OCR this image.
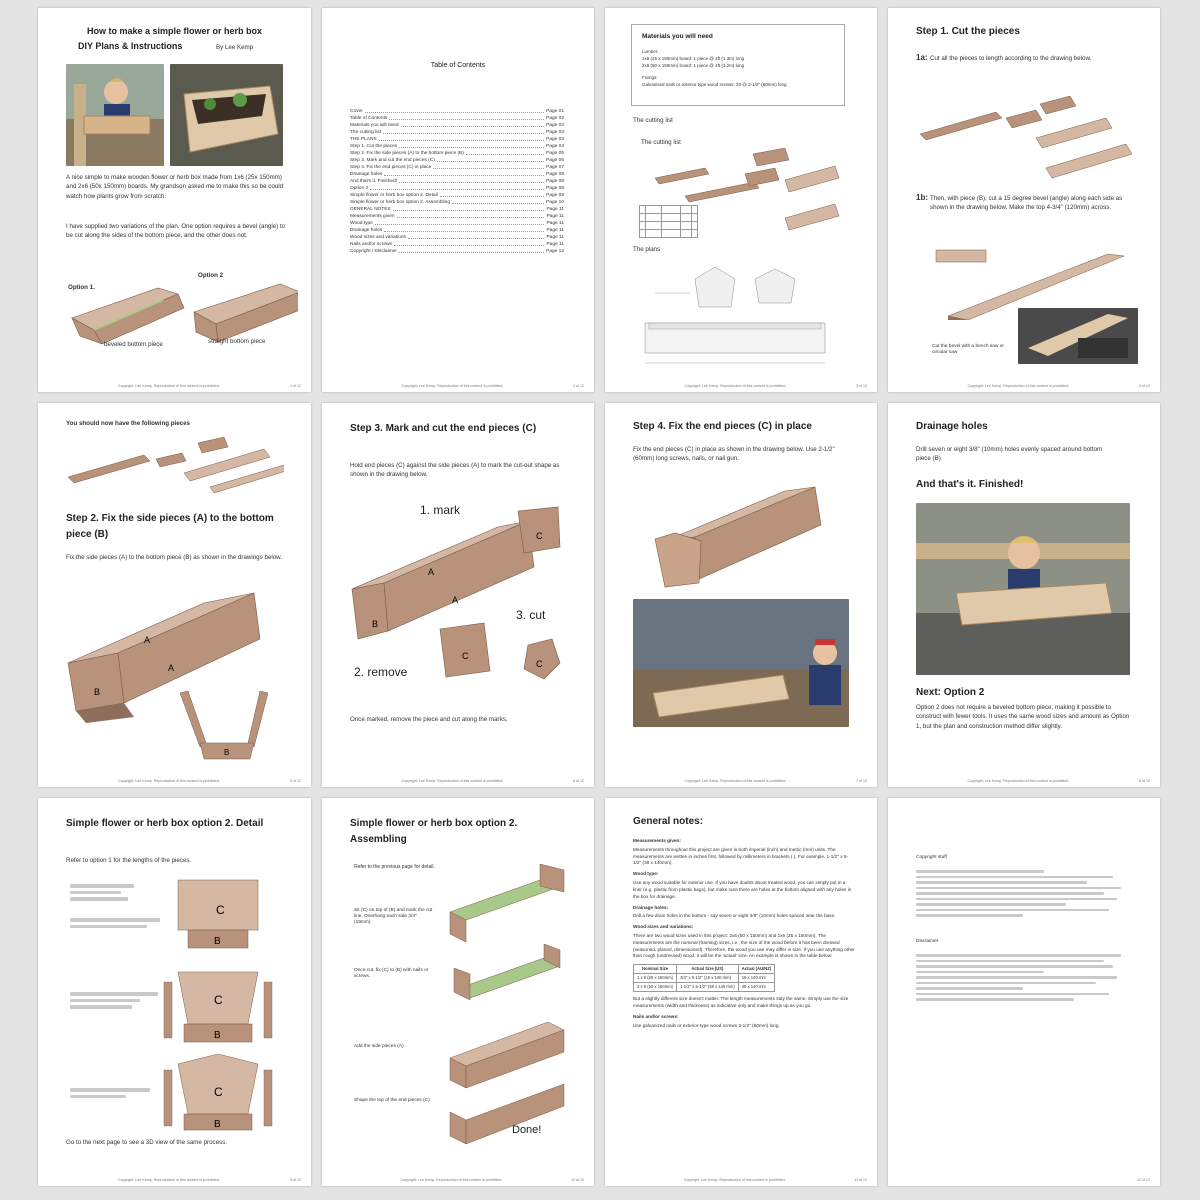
How to make a simple flower or herb box

DIY Plans & Instructions	By Lee Kemp

A nice simple to make wooden flower or herb box made from 1x6 (25x 150mm) and 2x6 (50x 150mm) boards. My grandson asked me to make this so be could watch how plants grow from scratch.

I have supplied two variations of the plan. One option requires a bevel (angle) to be cut along the sides of the bottom piece, and the other does not.

Option 1.
Option 2
beveled bottom piece	straight bottom piece
Copyright: Lee Kemp. Reproduction of this content is prohibited.	1 of 12

Table of Contents

Cover	Page 01
Table of Contents	Page 02
Materials you will need	Page 03
The cutting list	Page 03
THE PLANS	Page 03
Step 1. Cut the pieces	Page 04
Step 2. Fix the side pieces (A) to the bottom piece (B)	Page 05
Step 3. Mark and cut the end pieces (C)	Page 06
Step 4. Fix the end pieces (C) in place	Page 07
Drainage holes	Page 08
And that's it. Finished!	Page 08
Option 2	Page 08
Simple flower or herb box option 2. Detail	Page 09
Simple flower or herb box option 2. Assembling	Page 10
GENERAL NOTES	Page 11
Measurements given	Page 11
Wood type	Page 11
Drainage holes	Page 11
Wood sizes and variations	Page 11
Nails and/or screws	Page 11
Copyright / Disclaimer	Page 12
Copyright: Lee Kemp. Reproduction of this content is prohibited.	2 of 12

Materials you will need

Lumber:
1x6 (25 x 150mm) board: 1 piece @ 4ft (1.3m) long
2x6 (50 x 150mm) board: 1 piece @ 4ft (1.2m) long
Fixings:
Galvanised nails or exterior type wood screws: 20 @ 2-1/2" (60mm) long
The cutting list
The cutting list

The plans
Copyright: Lee Kemp. Reproduction of this content is prohibited.	3 of 12

Step 1. Cut the pieces

1a: Cut all the pieces to length according to the drawing below.

1b: Then, with piece (B), cut a 15 degree bevel (angle) along each side as shown in the drawing below. Make the top 4-3/4" (120mm) across.

Cut the bevel with a bench saw or circular saw

Copyright: Lee Kemp. Reproduction of this content is prohibited.	4 of 12

You should now have the following pieces

Step 2. Fix the side pieces (A) to the bottom piece (B)

Fix the side pieces (A) to the bottom piece (B) as shown in the drawings below.

A
A
B
B
Copyright: Lee Kemp. Reproduction of this content is prohibited.	5 of 12

Step 3. Mark and cut the end pieces (C)

Hold end pieces (C) against the side pieces (A) to mark the cut-out shape as shown in the drawing below.

1. mark
2. remove
3. cut
A
A
B
C
C
C

Once marked, remove the piece and cut along the marks.

Copyright: Lee Kemp. Reproduction of this content is prohibited.	6 of 12

Step 4. Fix the end pieces (C) in place

Fix the end pieces (C) in place as shown in the drawing below. Use 2-1/2" (60mm) long screws, nails, or nail gun.

Copyright: Lee Kemp. Reproduction of this content is prohibited.	7 of 12

Drainage holes

Drill seven or eight 3/8" (10mm) holes evenly spaced around bottom piece (B)

And that's it. Finished!

Next: Option 2

Option 2 does not require a beveled bottom piece, making it possible to construct with fewer tools. It uses the same wood sizes and amount as Option 1, but the plan and construction method differ slightly.

Copyright: Lee Kemp. Reproduction of this content is prohibited.	8 of 12

Simple flower or herb box option 2. Detail

Refer to option 1 for the lengths of the pieces.

C
B
C
B
C
B

Go to the next page to see a 3D view of the same process.

Copyright: Lee Kemp. Reproduction of this content is prohibited.	9 of 12

Simple flower or herb box option 2. Assembling

Refer to the previous page for detail.

Sit (C) on top of (B) and mark the cut line. Overhang each side 3/4" (19mm)

Once cut, fix (C) to (B) with nails or screws.

Add the side pieces (A).

Shape the top of the end pieces (C).

Done!
Copyright: Lee Kemp. Reproduction of this content is prohibited.	10 of 12

General notes:

Measurements given:
Measurements throughout this project are given in both imperial (inch) and metric (mm) units. The measurements are written in inches first, followed by millimeters in brackets ( ). For example, 1-1/2" x 5-1/2" (38 x 140mm).
Wood type:
Use any wood suitable for exterior use. If you have doubts about treated wood, you can simply put in a liner (e.g. plastic from plastic bags), but make sure there are holes at the bottom aligned with any holes in the box for drainage.
Drainage holes:
Drill a few drain holes in the bottom - say seven or eight 3/8" (10mm) holes spaced near the base.
Wood sizes and variations:
There are two wood sizes used in this project: 2x6 (50 x 150mm) and 1x6 (25 x 150mm). The measurements are the nominal (framing) sizes, i.e., the size of the wood before it has been dressed (seasoned, planed, dimensioned). Therefore, the wood you use may differ in size. If you use anything other than rough (undressed) wood, it will be the 'actual' size. An example is shown in the table below:
Nominal Size	Actual Size (US)	Actual (AU/NZ)
1 x 6 (25 x 150mm)	3/4" x 5-1/2" (19 x 140 mm)	19 x 140 mm
2 x 6 (50 x 150mm)	1-1/2" x 5-1/2" (38 x 140 mm)	45 x 140 mm
But a slightly different size doesn't matter. The length measurements stay the same. Simply use the size measurements (width and thickness) as indicative only and make things up as you go.
Nails and/or screws:
Use galvanized nails or exterior-type wood screws 2-1/2" (60mm) long.
Copyright: Lee Kemp. Reproduction of this content is prohibited.	11 of 12
Copyright stuff
Disclaimer
12 of 12
